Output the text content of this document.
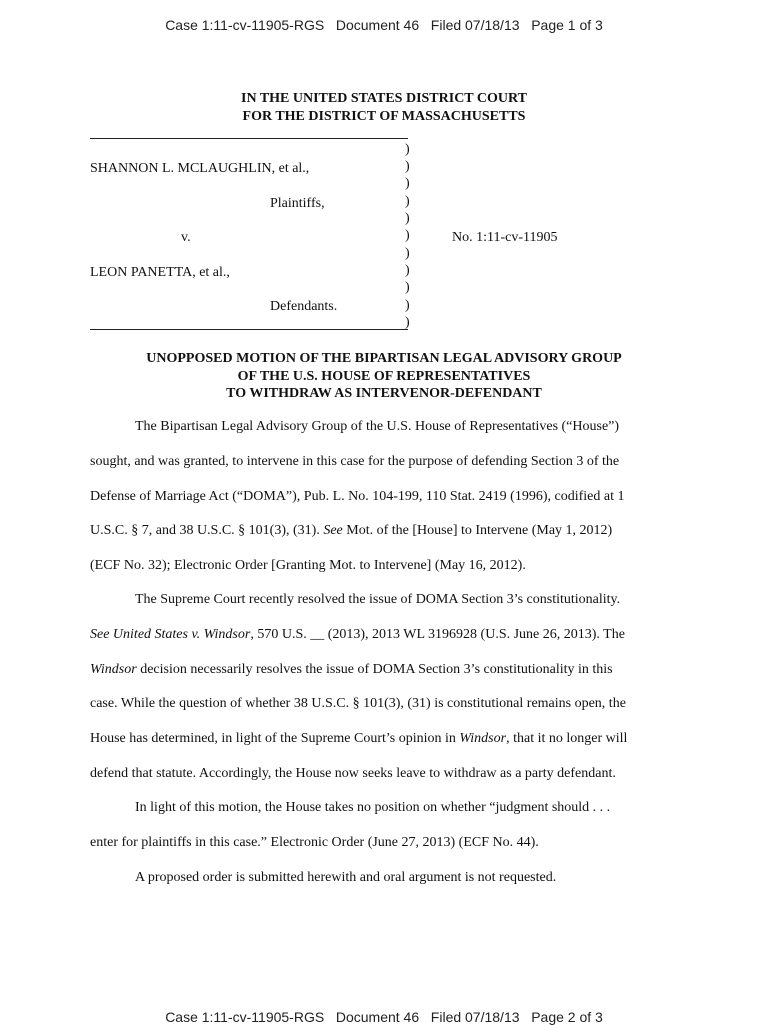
Case 1:11-cv-11905-RGS   Document 46   Filed 07/18/13   Page 1 of 3
IN THE UNITED STATES DISTRICT COURT
FOR THE DISTRICT OF MASSACHUSETTS
)
)
)
)
)
)
)
)
)
)
)
SHANNON L. MCLAUGHLIN, et al.,
Plaintiffs,
v.	No. 1:11-cv-11905
LEON PANETTA, et al.,
Defendants.
UNOPPOSED MOTION OF THE BIPARTISAN LEGAL ADVISORY GROUP
OF THE U.S. HOUSE OF REPRESENTATIVES
TO WITHDRAW AS INTERVENOR-DEFENDANT
The Bipartisan Legal Advisory Group of the U.S. House of Representatives (“House”)
sought, and was granted, to intervene in this case for the purpose of defending Section 3 of the
Defense of Marriage Act (“DOMA”), Pub. L. No. 104-199, 110 Stat. 2419 (1996), codified at 1
U.S.C. § 7, and 38 U.S.C. § 101(3), (31). See Mot. of the [House] to Intervene (May 1, 2012)
(ECF No. 32); Electronic Order [Granting Mot. to Intervene] (May 16, 2012).
The Supreme Court recently resolved the issue of DOMA Section 3’s constitutionality.
See United States v. Windsor, 570 U.S. __ (2013), 2013 WL 3196928 (U.S. June 26, 2013). The
Windsor decision necessarily resolves the issue of DOMA Section 3’s constitutionality in this
case. While the question of whether 38 U.S.C. § 101(3), (31) is constitutional remains open, the
House has determined, in light of the Supreme Court’s opinion in Windsor, that it no longer will
defend that statute. Accordingly, the House now seeks leave to withdraw as a party defendant.
In light of this motion, the House takes no position on whether “judgment should . . .
enter for plaintiffs in this case.” Electronic Order (June 27, 2013) (ECF No. 44).
A proposed order is submitted herewith and oral argument is not requested.
Case 1:11-cv-11905-RGS   Document 46   Filed 07/18/13   Page 2 of 3
